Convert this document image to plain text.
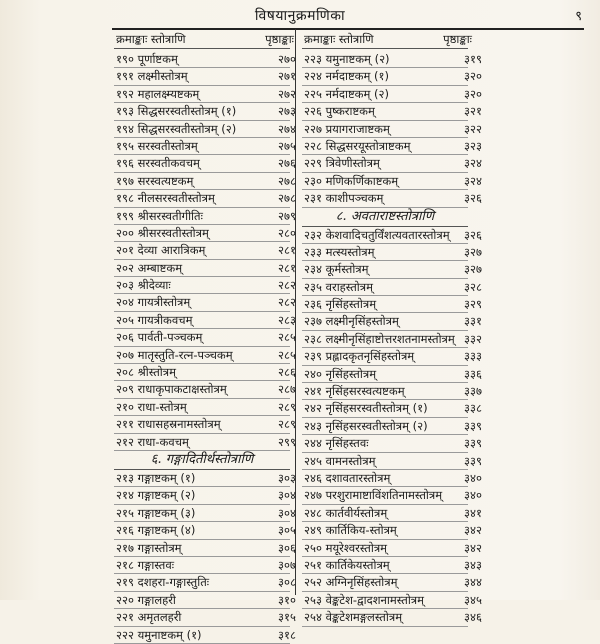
विषयानुक्रमणिका	९
क्रमाङ्काः स्तोत्राणि	पृष्ठाङ्काः
१९० पूर्णाष्टकम्	२७०
१९१ लक्ष्मीस्तोत्रम्	२७१
१९२ महालक्ष्म्यष्टकम्	२७२
१९३ सिद्धसरस्वतीस्तोत्रम् (१)	२७३
१९४ सिद्धसरस्वतीस्तोत्रम् (२)	२७४
१९५ सरस्वतीस्तोत्रम्	२७५
१९६ सरस्वतीकवचम्	२७६
१९७ सरस्वत्यष्टकम्	२७८
१९८ नीलसरस्वतीस्तोत्रम्	२७८
१९९ श्रीसरस्वतीगीतिः	२७९
२०० श्रीसरस्वतीस्तोत्रम्	२८०
२०१ देव्या आरात्रिकम्	२८१
२०२ अम्बाष्टकम्	२८१
२०३ श्रीदेव्याः	२८२
२०४ गायत्रीस्तोत्रम्	२८२
२०५ गायत्रीकवचम्	२८३
२०६ पार्वती-पञ्चकम्	२८५
२०७ मातृस्तुति-रत्न-पञ्चकम्	२८५
२०८ श्रीस्तोत्रम्	२८६
२०९ राधाकृपाकटाक्षस्तोत्रम्	२८७
२१० राधा-स्तोत्रम्	२८९
२११ राधासहस्रनामस्तोत्रम्	२८९
२१२ राधा-कवचम्	२९९
६. गङ्गादितीर्थस्तोत्राणि
२१३ गङ्गाष्टकम् (१)	३०३
२१४ गङ्गाष्टकम् (२)	३०४
२१५ गङ्गाष्टकम् (३)	३०४
२१६ गङ्गाष्टकम् (४)	३०५
२१७ गङ्गास्तोत्रम्	३०६
२१८ गङ्गास्तवः	३०७
२१९ दशहरा-गङ्गास्तुतिः	३०८
२२० गङ्गालहरी	३१०
२२१ अमृतलहरी	३१५
२२२ यमुनाष्टकम् (१)	३१८
क्रमाङ्काः स्तोत्राणि	पृष्ठाङ्काः
२२३ यमुनाष्टकम् (२)	३१९
२२४ नर्मदाष्टकम् (१)	३२०
२२५ नर्मदाष्टकम् (२)	३२०
२२६ पुष्कराष्टकम्	३२१
२२७ प्रयागराजाष्टकम्	३२२
२२८ सिद्धसरयूस्तोत्राष्टकम्	३२३
२२९ त्रिवेणीस्तोत्रम्	३२४
२३० मणिकर्णिकाष्टकम्	३२४
२३१ काशीपञ्चकम्	३२६
८. अवताराष्टस्तोत्राणि
२३२ केशवादिचतुर्विंशत्यवतारस्तोत्रम् ३२६
२३३ मत्स्यस्तोत्रम्	३२७
२३४ कूर्मस्तोत्रम्	३२७
२३५ वराहस्तोत्रम्	३२८
२३६ नृसिंहस्तोत्रम्	३२९
२३७ लक्ष्मीनृसिंहस्तोत्रम्	३३१
२३८ लक्ष्मीनृसिंहाष्टोत्तरशतनामस्तोत्रम् ३३२
२३९ प्रह्लादकृतनृसिंहस्तोत्रम्	३३३
२४० नृसिंहस्तोत्रम्	३३६
२४१ नृसिंहसरस्वत्यष्टकम्	३३७
२४२ नृसिंहसरस्वतीस्तोत्रम् (१)	३३८
२४३ नृसिंहसरस्वतीस्तोत्रम् (२)	३३९
२४४ नृसिंहस्तवः	३३९
२४५ वामनस्तोत्रम्	३३९
२४६ दशावतारस्तोत्रम्	३४०
२४७ परशुरामाष्टाविंशतिनामस्तोत्रम् ३४०
२४८ कार्तवीर्यस्तोत्रम्	३४१
२४९ कार्तिकिय-स्तोत्रम्	३४२
२५० मयूरेश्वरस्तोत्रम्	३४२
२५१ कार्तिकेयस्तोत्रम्	३४३
२५२ अग्निनृसिंहस्तोत्रम्	३४४
२५३ वेङ्कटेश-द्वादशनामस्तोत्रम्	३४५
२५४ वेङ्कटेशमङ्गलस्तोत्रम्	३४६
